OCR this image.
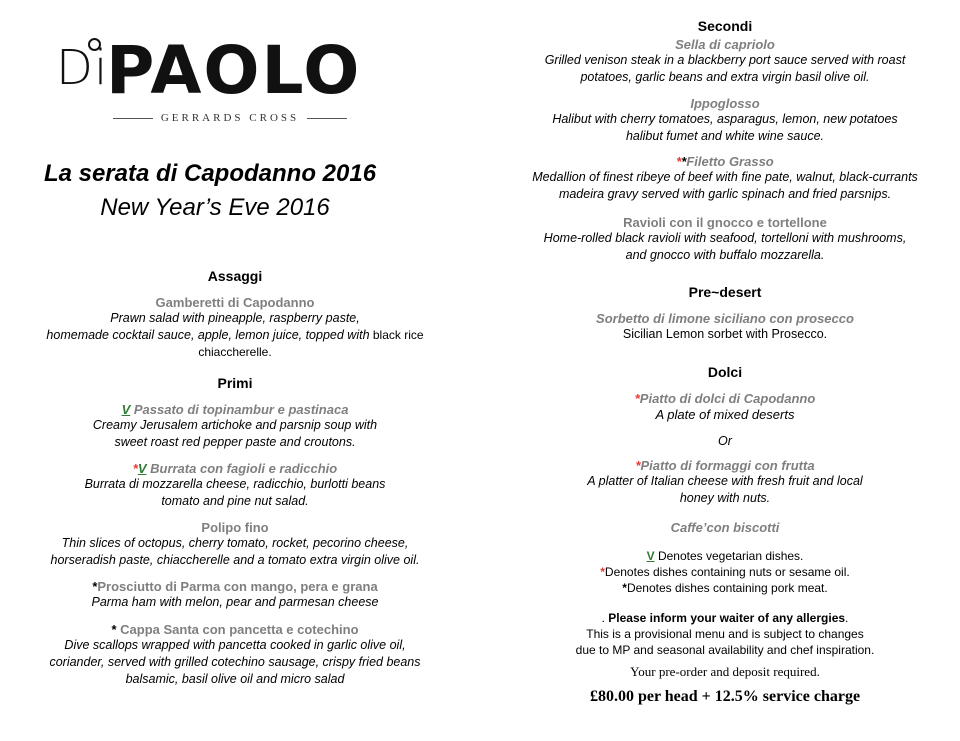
Di
PAOLO
GERRARDS CROSS
La serata di Capodanno 2016
New Year’s Eve 2016
Assaggi
Gamberetti di Capodanno
Prawn salad with pineapple, raspberry paste,
homemade cocktail sauce, apple, lemon juice, topped with black rice
chiaccherelle.
Primi
V Passato di topinambur e pastinaca
Creamy Jerusalem artichoke and parsnip soup with
sweet roast red pepper paste and croutons.
*V Burrata con fagioli e radicchio
Burrata di mozzarella cheese, radicchio, burlotti beans
tomato and pine nut salad.
Polipo fino
Thin slices of octopus, cherry tomato, rocket, pecorino cheese,
horseradish paste, chiaccherelle and a tomato extra virgin olive oil.
*Prosciutto di Parma con mango, pera e grana
Parma ham with melon, pear and parmesan cheese
* Cappa Santa con pancetta e cotechino
Dive scallops wrapped with pancetta cooked in garlic olive oil,
coriander, served with grilled cotechino sausage, crispy fried beans
balsamic, basil olive oil and micro salad
Secondi
Sella di capriolo
Grilled venison steak in a blackberry port sauce served with roast
potatoes, garlic beans and extra virgin basil olive oil.
Ippoglosso
Halibut with cherry tomatoes, asparagus, lemon, new potatoes
halibut fumet and white wine sauce.
**Filetto Grasso
Medallion of finest ribeye of beef with fine pate, walnut, black-currants
madeira gravy served with garlic spinach and fried parsnips.
Ravioli con il gnocco e tortellone
Home-rolled black ravioli with seafood, tortelloni with mushrooms,
and gnocco with buffalo mozzarella.
Pre~desert
Sorbetto di limone siciliano con prosecco
Sicilian Lemon sorbet with Prosecco.
Dolci
*Piatto di dolci di Capodanno
A plate of mixed deserts
Or
*Piatto di formaggi con frutta
A platter of Italian cheese with fresh fruit and local
honey with nuts.
Caffe’con biscotti
V Denotes vegetarian dishes.
*Denotes dishes containing nuts or sesame oil.
*Denotes dishes containing pork meat.
. Please inform your waiter of any allergies.
This is a provisional menu and is subject to changes
due to MP and seasonal availability and chef inspiration.
Your pre-order and deposit required.
£80.00 per head + 12.5% service charge
